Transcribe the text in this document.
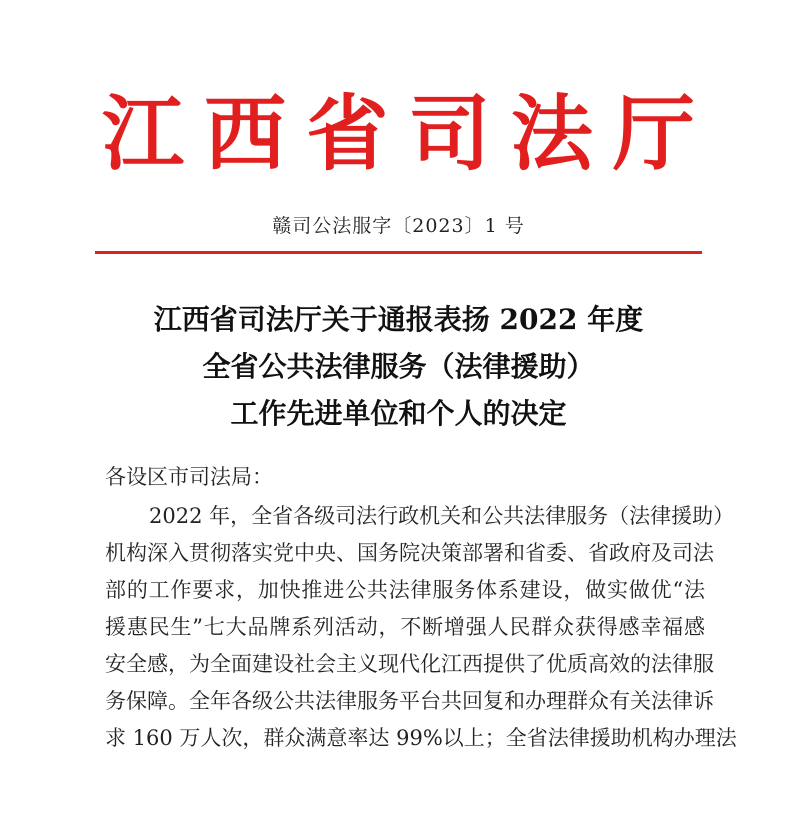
江 西 省 司 法 厅
赣司公法服字〔2023〕1 号
江西省司法厅关于通报表扬 2022 年度
全省公共法律服务（法律援助）
工作先进单位和个人的决定
各设区市司法局：
2022 年，全省各级司法行政机关和公共法律服务（法律援助）
机构深入贯彻落实党中央、国务院决策部署和省委、省政府及司法
部的工作要求，加快推进公共法律服务体系建设，做实做优“法
援惠民生”七大品牌系列活动，不断增强人民群众获得感幸福感
安全感，为全面建设社会主义现代化江西提供了优质高效的法律服
务保障。全年各级公共法律服务平台共回复和办理群众有关法律诉
求 160 万人次，群众满意率达 99%以上；全省法律援助机构办理法
